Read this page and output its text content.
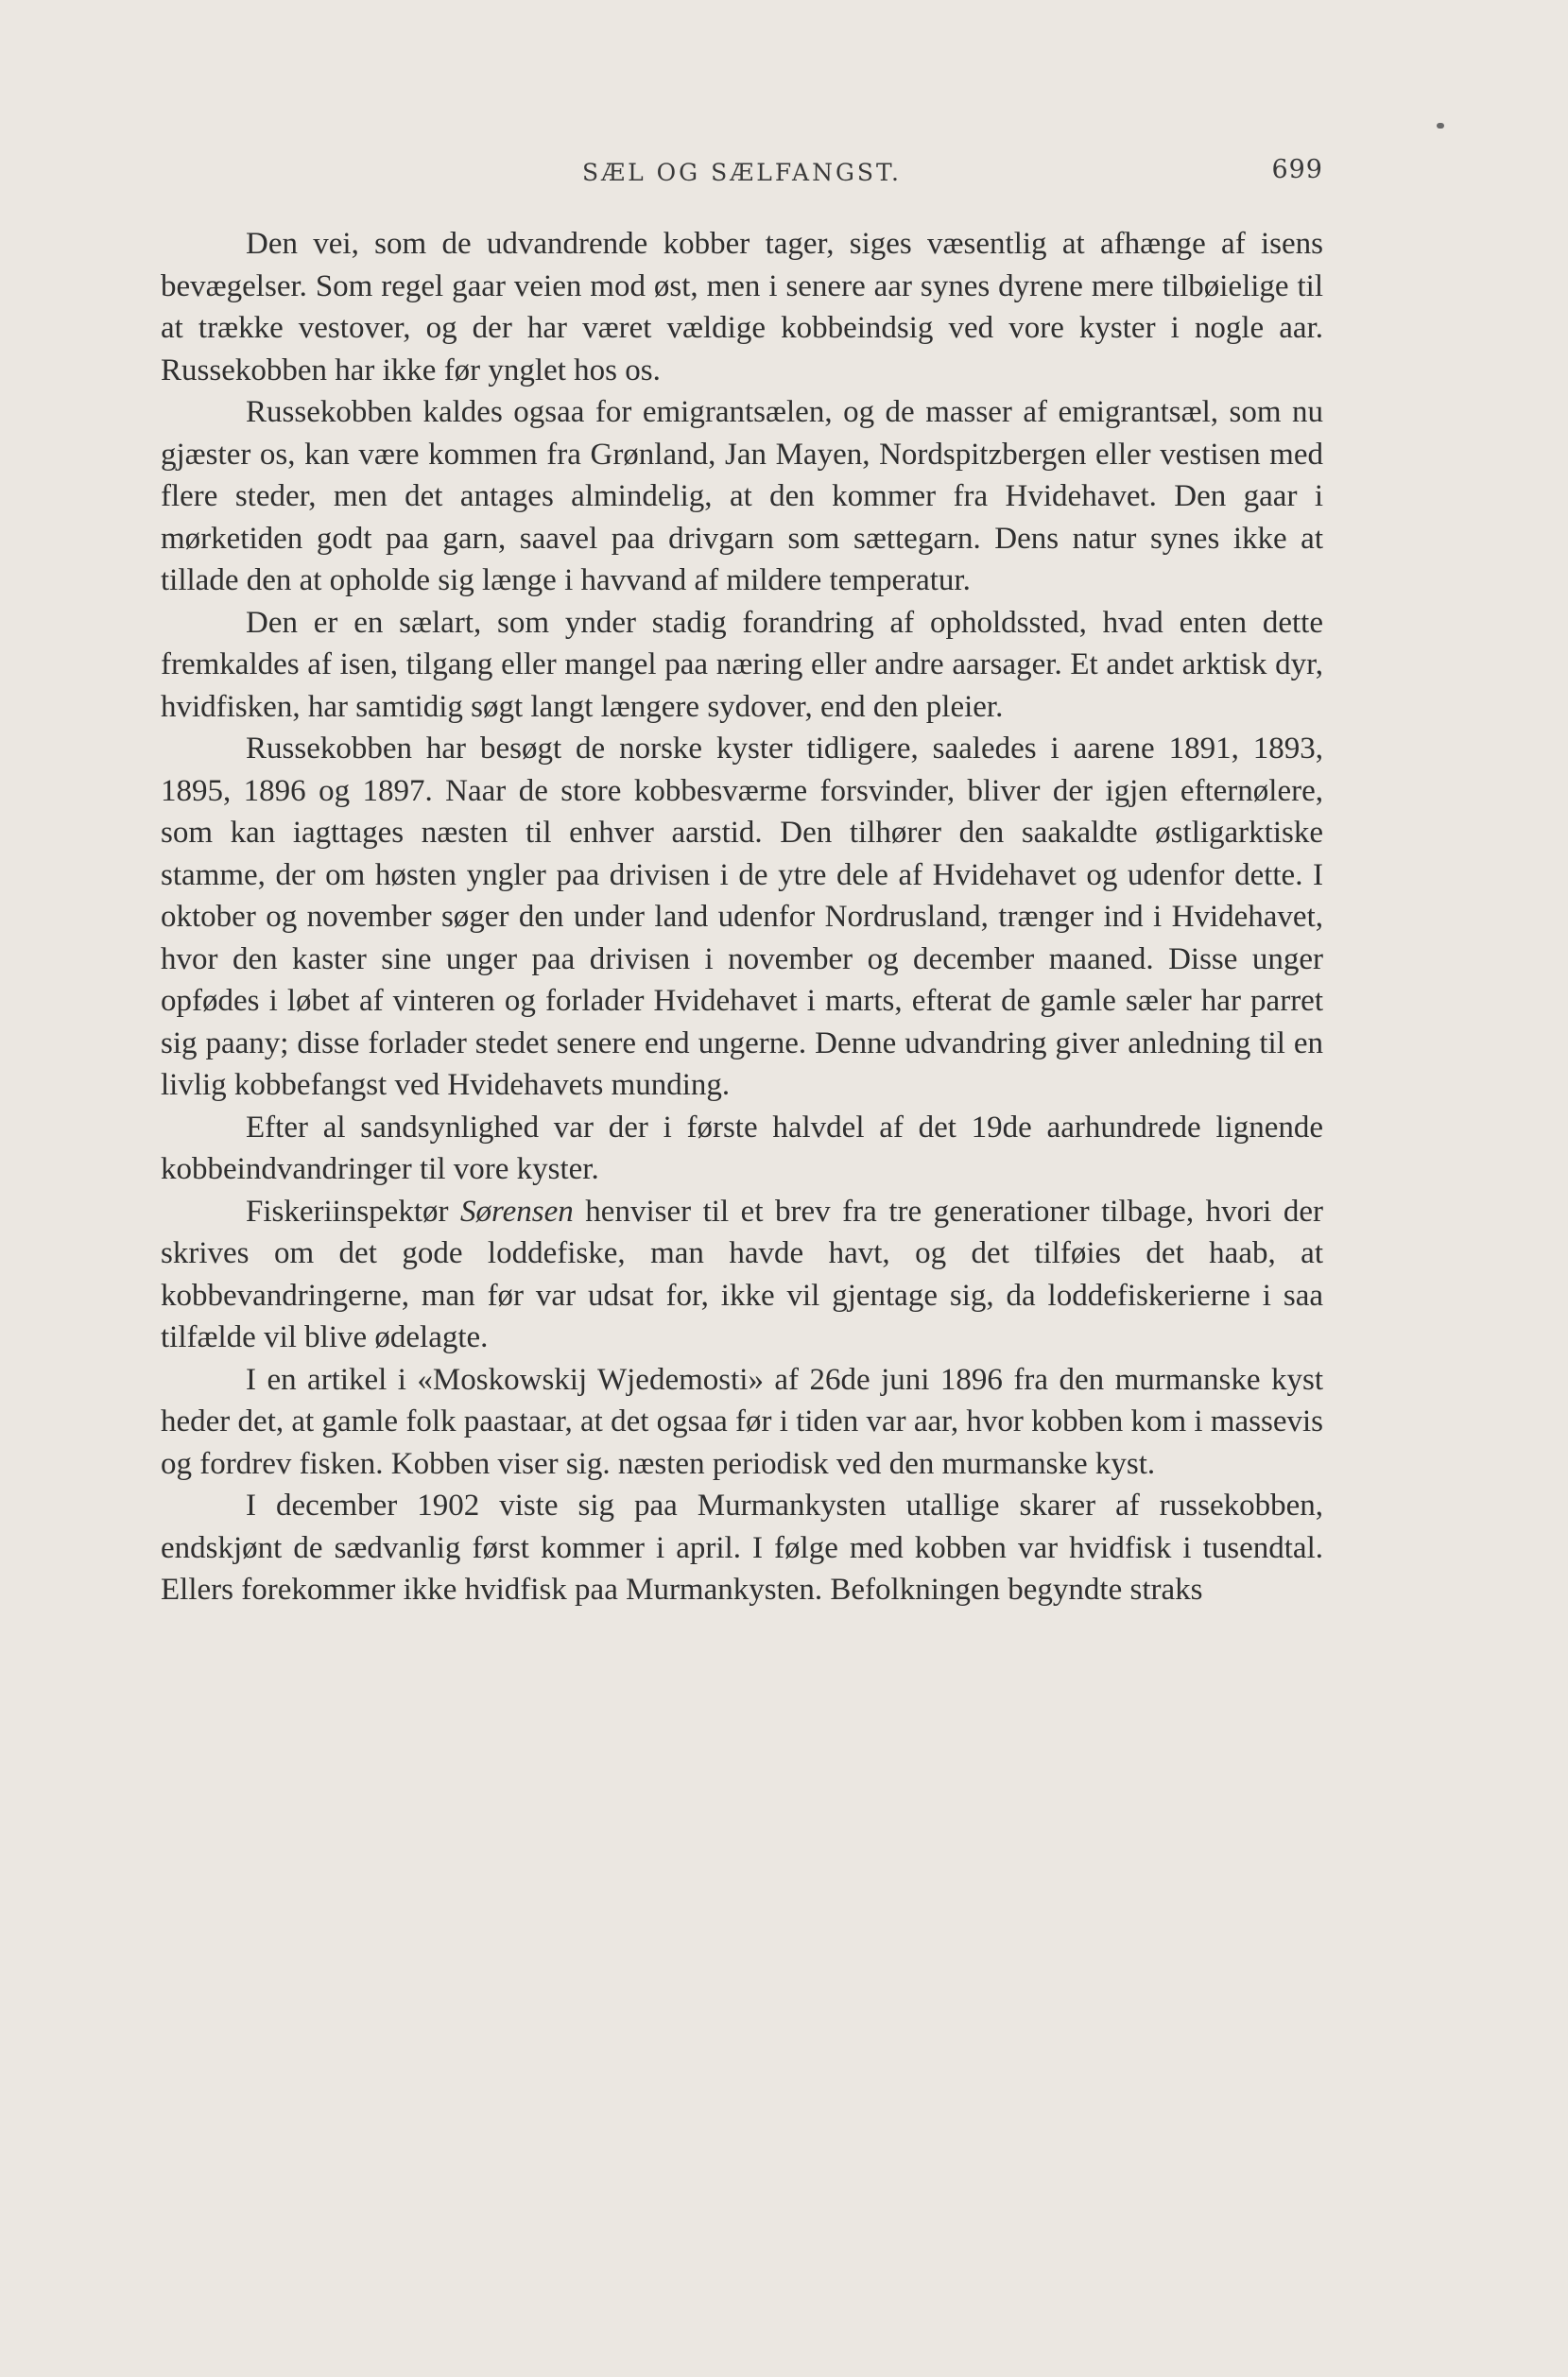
SÆL OG SÆLFANGST.	699

Den vei, som de udvandrende kobber tager, siges væsentlig at afhænge af isens bevægelser. Som regel gaar veien mod øst, men i senere aar synes dyrene mere tilbøielige til at trække vestover, og der har været vældige kobbeindsig ved vore kyster i nogle aar. Russekobben har ikke før ynglet hos os.

Russekobben kaldes ogsaa for emigrantsælen, og de masser af emigrantsæl, som nu gjæster os, kan være kommen fra Grønland, Jan Mayen, Nordspitzbergen eller vestisen med flere steder, men det antages almindelig, at den kommer fra Hvidehavet. Den gaar i mørketiden godt paa garn, saavel paa drivgarn som sættegarn. Dens natur synes ikke at tillade den at opholde sig længe i havvand af mildere temperatur.

Den er en sælart, som ynder stadig forandring af opholdssted, hvad enten dette fremkaldes af isen, tilgang eller mangel paa næring eller andre aarsager. Et andet arktisk dyr, hvidfisken, har samtidig søgt langt længere sydover, end den pleier.

Russekobben har besøgt de norske kyster tidligere, saaledes i aarene 1891, 1893, 1895, 1896 og 1897. Naar de store kobbesværme forsvinder, bliver der igjen efternølere, som kan iagttages næsten til enhver aarstid. Den tilhører den saakaldte østligarktiske stamme, der om høsten yngler paa drivisen i de ytre dele af Hvidehavet og udenfor dette. I oktober og november søger den under land udenfor Nordrusland, trænger ind i Hvidehavet, hvor den kaster sine unger paa drivisen i november og december maaned. Disse unger opfødes i løbet af vinteren og forlader Hvidehavet i marts, efterat de gamle sæler har parret sig paany; disse forlader stedet senere end ungerne. Denne udvandring giver anledning til en livlig kobbefangst ved Hvidehavets munding.

Efter al sandsynlighed var der i første halvdel af det 19de aarhundrede lignende kobbeindvandringer til vore kyster.

Fiskeriinspektør Sørensen henviser til et brev fra tre generationer tilbage, hvori der skrives om det gode loddefiske, man havde havt, og det tilføies det haab, at kobbevandringerne, man før var udsat for, ikke vil gjentage sig, da loddefiskerierne i saa tilfælde vil blive ødelagte.

I en artikel i «Moskowskij Wjedemosti» af 26de juni 1896 fra den murmanske kyst heder det, at gamle folk paastaar, at det ogsaa før i tiden var aar, hvor kobben kom i massevis og fordrev fisken. Kobben viser sig. næsten periodisk ved den murmanske kyst.

I december 1902 viste sig paa Murmankysten utallige skarer af russekobben, endskjønt de sædvanlig først kommer i april. I følge med kobben var hvidfisk i tusendtal. Ellers forekommer ikke hvidfisk paa Murmankysten. Befolkningen begyndte straks
